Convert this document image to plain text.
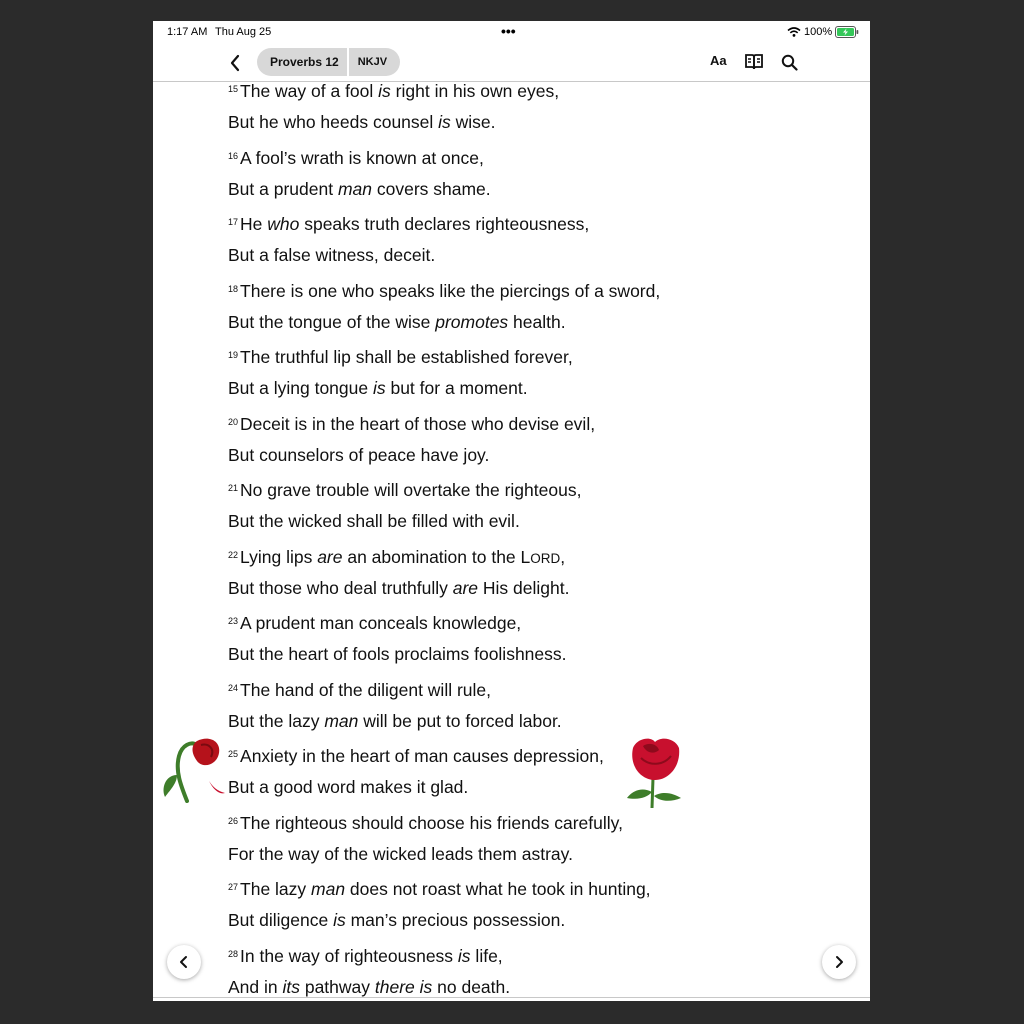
1:17 AM Thu Aug 25	•••	100%
Proverbs 12	NKJV	Aa
$^{15}$ The way of a fool is right in his own eyes,
But he who heeds counsel is wise.
$^{16}$ A fool’s wrath is known at once,
But a prudent man covers shame.
$^{17}$ He who speaks truth declares righteousness,
But a false witness, deceit.
$^{18}$ There is one who speaks like the piercings of a sword,
But the tongue of the wise promotes health.
$^{19}$ The truthful lip shall be established forever,
But a lying tongue is but for a moment.
$^{20}$ Deceit is in the heart of those who devise evil,
But counselors of peace have joy.
$^{21}$ No grave trouble will overtake the righteous,
But the wicked shall be filled with evil.
$^{22}$ Lying lips are an abomination to the LORD,
But those who deal truthfully are His delight.
$^{23}$ A prudent man conceals knowledge,
But the heart of fools proclaims foolishness.
$^{24}$ The hand of the diligent will rule,
But the lazy man will be put to forced labor.
$^{25}$ Anxiety in the heart of man causes depression,
But a good word makes it glad.
$^{26}$ The righteous should choose his friends carefully,
For the way of the wicked leads them astray.
$^{27}$ The lazy man does not roast what he took in hunting,
But diligence is man’s precious possession.
$^{28}$ In the way of righteousness is life,
And in its pathway there is no death.
